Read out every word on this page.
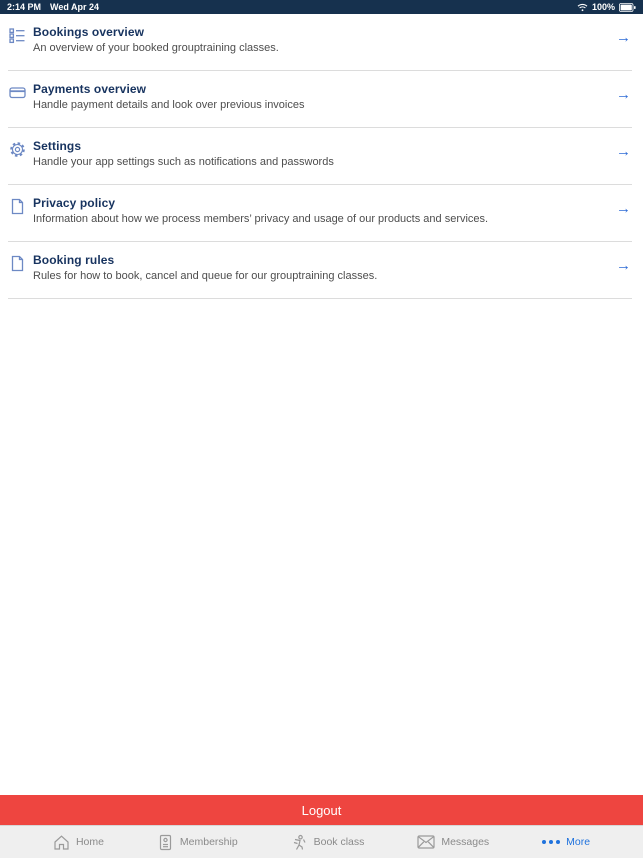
2:14 PM Wed Apr 24	100%
Bookings overview
An overview of your booked grouptraining classes.
→
Payments overview
Handle payment details and look over previous invoices
→
Settings
Handle your app settings such as notifications and passwords
→
Privacy policy
Information about how we process members’ privacy and usage of our products and services.
→
Booking rules
Rules for how to book, cancel and queue for our grouptraining classes.
→
Logout
Home	Membership	Book class	Messages	More
